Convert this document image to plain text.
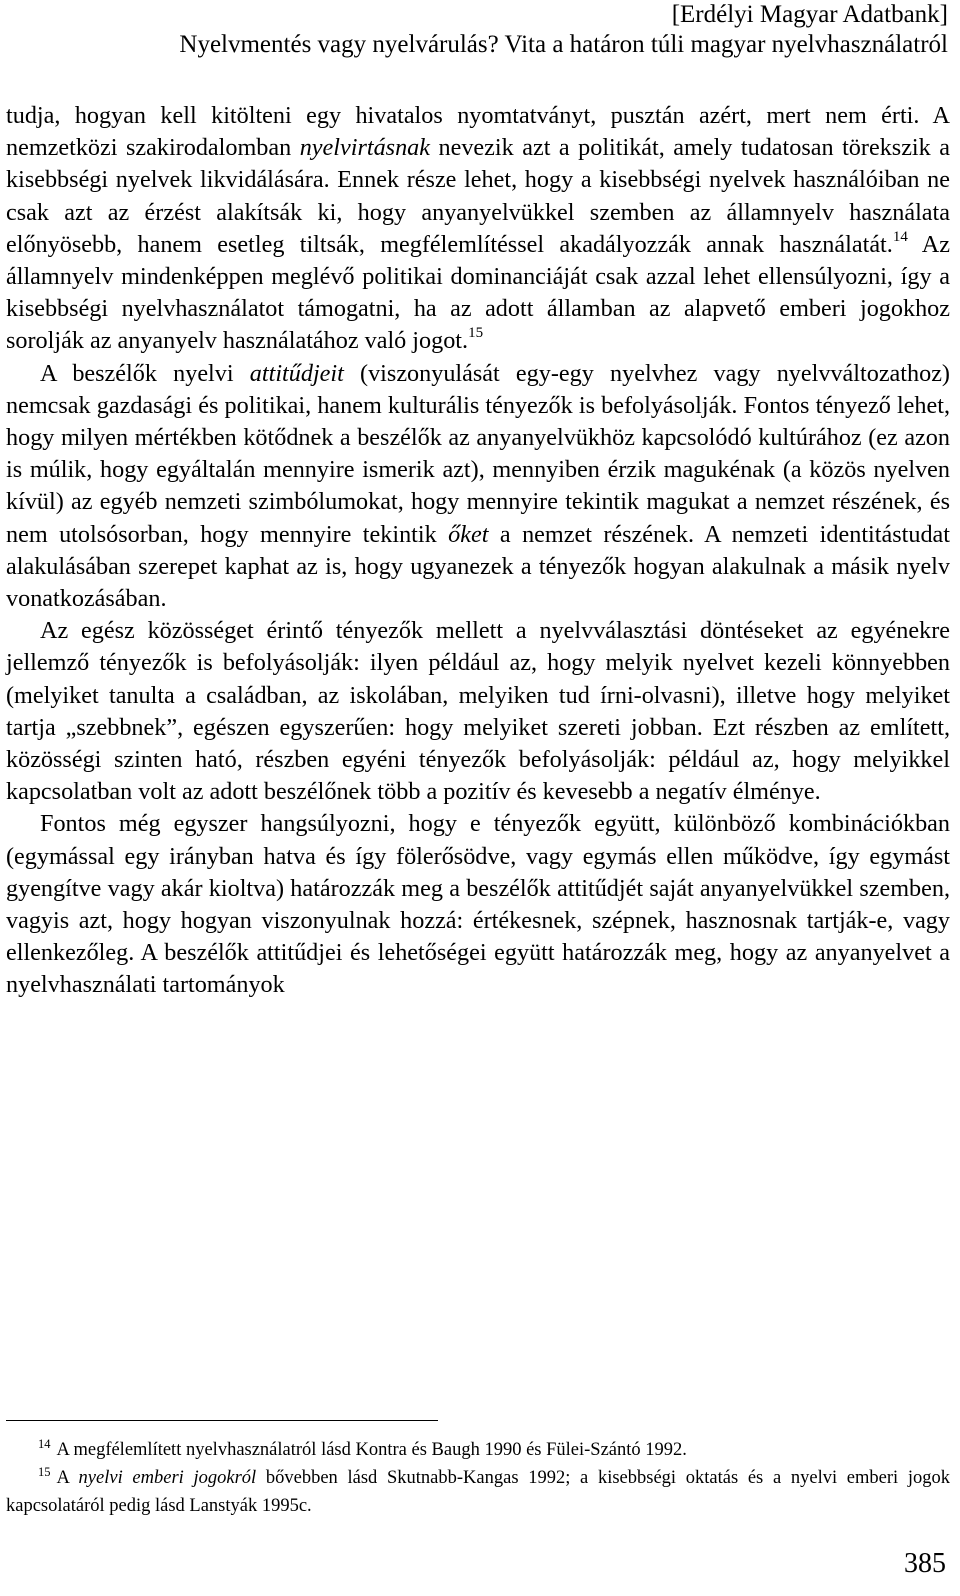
[Erdélyi Magyar Adatbank]
Nyelvmentés vagy nyelvárulás? Vita a határon túli magyar nyelvhasználatról

tudja, hogyan kell kitölteni egy hivatalos nyomtatványt, pusztán azért, mert nem érti. A nemzetközi szakirodalomban nyelvirtásnak nevezik azt a politikát, amely tudatosan törekszik a kisebbségi nyelvek likvidálására. Ennek része lehet, hogy a kisebbségi nyelvek használóiban ne csak azt az érzést alakítsák ki, hogy anyanyelvükkel szemben az államnyelv használata előnyösebb, hanem esetleg tiltsák, megfélemlítéssel akadályozzák annak használatát.$^{14}$ Az államnyelv mindenképpen meglévő politikai dominanciáját csak azzal lehet ellensúlyozni, így a kisebbségi nyelvhasználatot támogatni, ha az adott államban az alapvető emberi jogokhoz sorolják az anyanyelv használatához való jogot.$^{15}$

A beszélők nyelvi attitűdjeit (viszonyulását egy-egy nyelvhez vagy nyelvváltozathoz) nemcsak gazdasági és politikai, hanem kulturális tényezők is befolyásolják. Fontos tényező lehet, hogy milyen mértékben kötődnek a beszélők az anyanyelvükhöz kapcsolódó kultúrához (ez azon is múlik, hogy egyáltalán mennyire ismerik azt), mennyiben érzik magukénak (a közös nyelven kívül) az egyéb nemzeti szimbólumokat, hogy mennyire tekintik magukat a nemzet részének, és nem utolsósorban, hogy mennyire tekintik őket a nemzet részének. A nemzeti identitástudat alakulásában szerepet kaphat az is, hogy ugyanezek a tényezők hogyan alakulnak a másik nyelv vonatkozásában.

Az egész közösséget érintő tényezők mellett a nyelvválasztási döntéseket az egyénekre jellemző tényezők is befolyásolják: ilyen például az, hogy melyik nyelvet kezeli könnyebben (melyiket tanulta a családban, az iskolában, melyiken tud írni-olvasni), illetve hogy melyiket tartja „szebbnek”, egészen egyszerűen: hogy melyiket szereti jobban. Ezt részben az említett, közösségi szinten ható, részben egyéni tényezők befolyásolják: például az, hogy melyikkel kapcsolatban volt az adott beszélőnek több a pozitív és kevesebb a negatív élménye.

Fontos még egyszer hangsúlyozni, hogy e tényezők együtt, különböző kombinációkban (egymással egy irányban hatva és így fölerősödve, vagy egymás ellen működve, így egymást gyengítve vagy akár kioltva) határozzák meg a beszélők attitűdjét saját anyanyelvükkel szemben, vagyis azt, hogy hogyan viszonyulnak hozzá: értékesnek, szépnek, hasznosnak tartják-e, vagy ellenkezőleg. A beszélők attitűdjei és lehetőségei együtt határozzák meg, hogy az anyanyelvet a nyelvhasználati tartományok

$^{14}$ A megfélemlített nyelvhasználatról lásd Kontra és Baugh 1990 és Fülei-Szántó 1992.

$^{15}$ A nyelvi emberi jogokról bővebben lásd Skutnabb-Kangas 1992; a kisebbségi oktatás és a nyelvi emberi jogok kapcsolatáról pedig lásd Lanstyák 1995c.

385
